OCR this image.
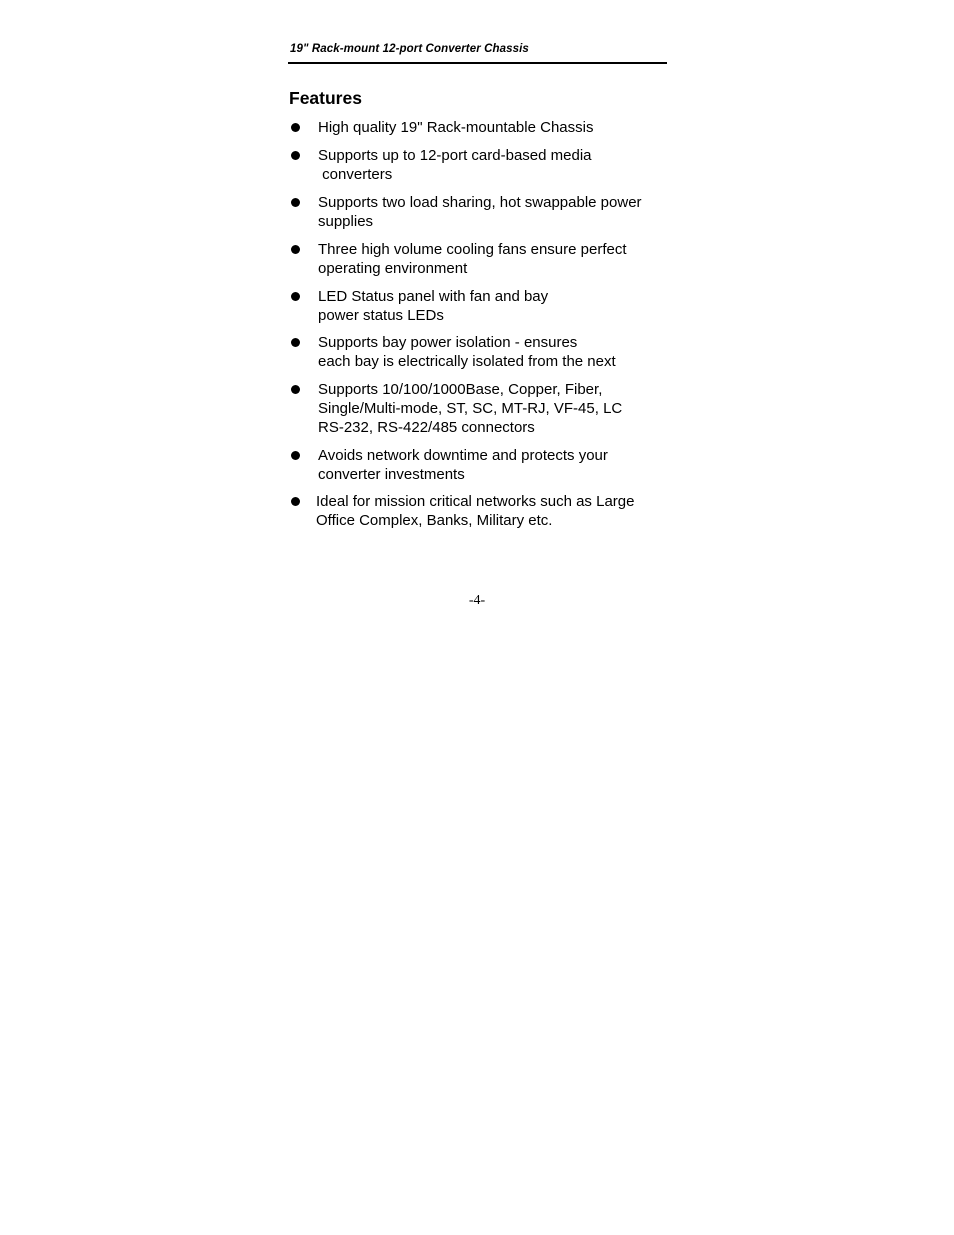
19" Rack-mount 12-port Converter Chassis
Features
High quality 19" Rack-mountable Chassis
Supports up to 12-port card-based media
converters
Supports two load sharing, hot swappable power
supplies
Three high volume cooling fans ensure perfect
operating environment
LED Status panel with fan and bay
power status LEDs
Supports bay power isolation - ensures
each bay is electrically isolated from the next
Supports 10/100/1000Base, Copper, Fiber,
Single/Multi-mode, ST, SC, MT-RJ, VF-45, LC
RS-232, RS-422/485 connectors
Avoids network downtime and protects your
converter investments
Ideal for mission critical networks such as Large
Office Complex, Banks, Military etc.
-4-
